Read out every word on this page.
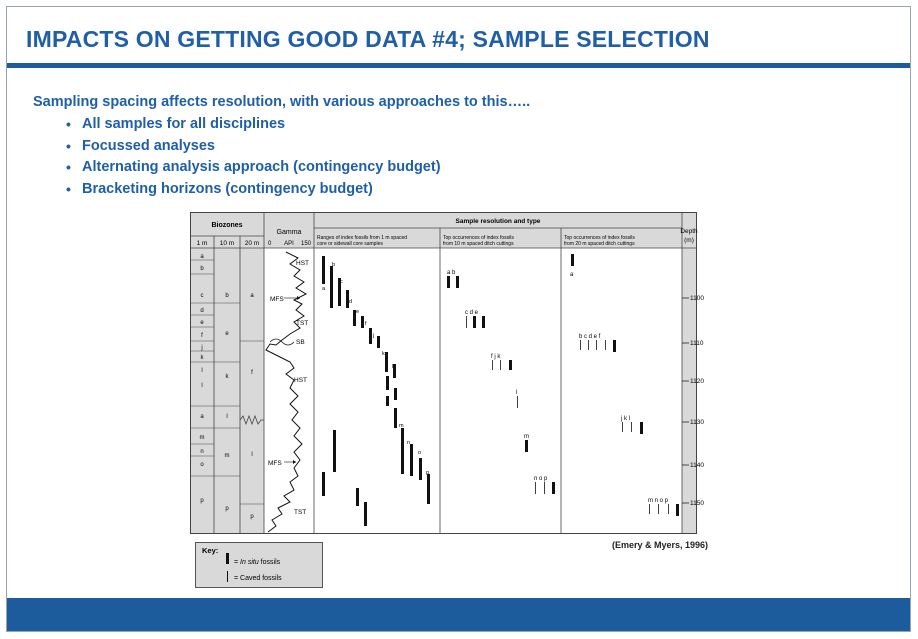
IMPACTS ON GETTING GOOD DATA #4; SAMPLE SELECTION
Sampling spacing affects resolution, with various approaches to this…..
• All samples for all disciplines
• Focussed analyses
• Alternating analysis approach (contingency budget)
• Bracketing horizons (contingency budget)
Biozones
1 m 10 m 20 m
Gamma
0 API 150
Sample resolution and type
Depth
(m)
Ranges of index fossils from 1 m spaced
core or sidewall core samples
Top occurrences of index fossils
from 10 m spaced ditch cuttings
Top occurrences of index fossils
from 20 m spaced ditch cuttings
a
b
c
d
e
f
j
k
l
l
a
m
n
o
p
b
e
k
l
m
p
a
f
l
p
HST
MFS
TST
SB
HST
MFS
TST
b
a
c
d
e
f
j
k
l
m
n
o
p
a b
c d e
f j k
l
m
n o p
a
b c d e f
j k l
m n o p
1100
1110
1120
1130
1140
1150
Key:
= In situ fossils
= Caved fossils
(Emery & Myers, 1996)
